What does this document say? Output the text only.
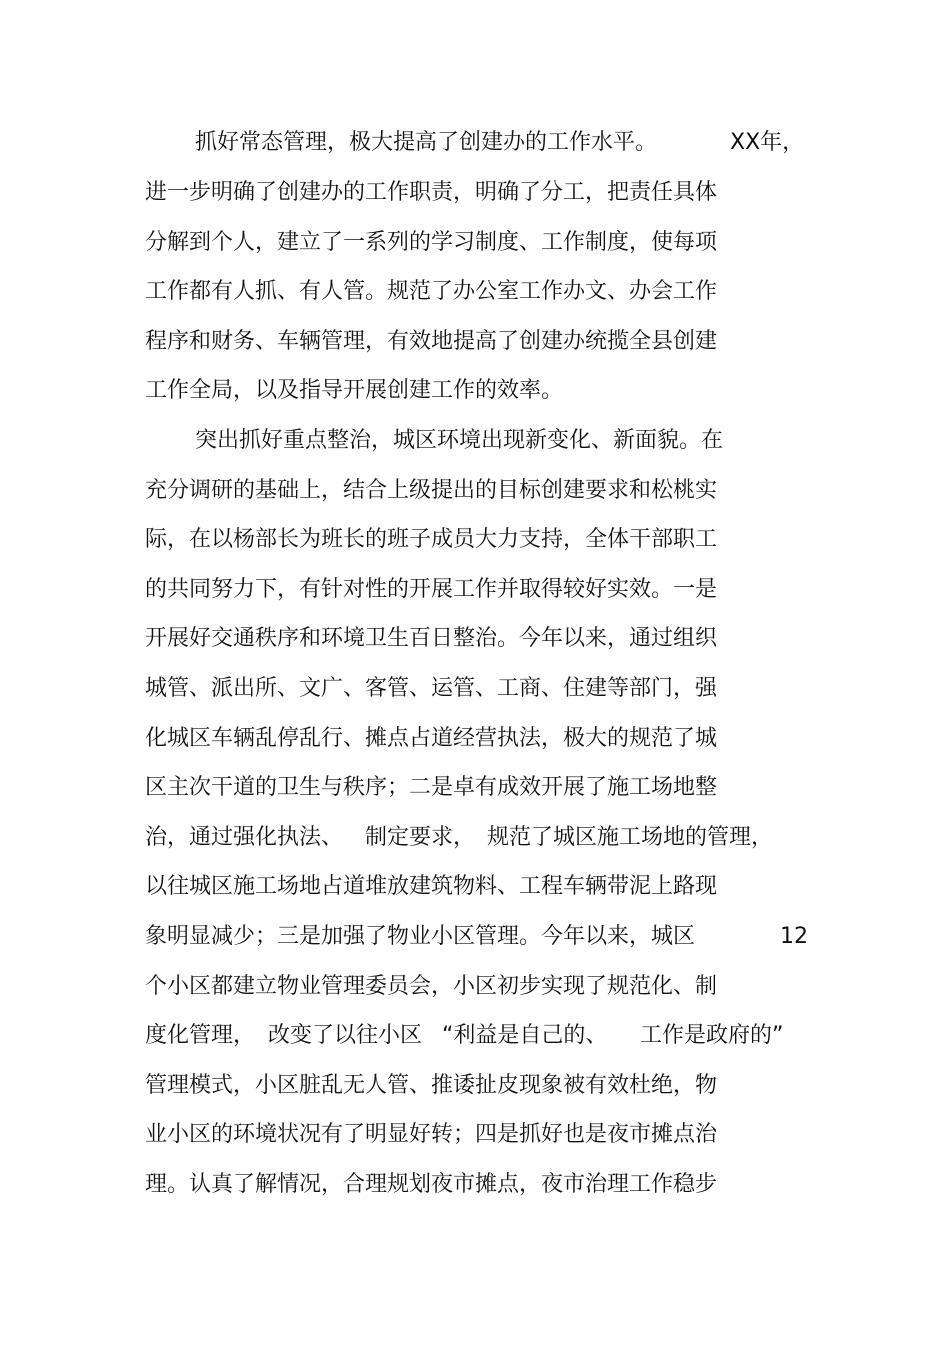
抓好常态管理，极大提高了创建办的工作水平。

	XX年，

进一步明确了创建办的工作职责，明确了分工，把责任具体

分解到个人，建立了一系列的学习制度、工作制度，使每项

工作都有人抓、有人管。规范了办公室工作办文、办会工作

程序和财务、车辆管理，有效地提高了创建办统揽全县创建

工作全局，以及指导开展创建工作的效率。

突出抓好重点整治，城区环境出现新变化、新面貌。在

充分调研的基础上，结合上级提出的目标创建要求和松桃实

际，在以杨部长为班长的班子成员大力支持，全体干部职工

的共同努力下，有针对性的开展工作并取得较好实效。一是

开展好交通秩序和环境卫生百日整治。今年以来，通过组织

城管、派出所、文广、客管、运管、工商、住建等部门，强

化城区车辆乱停乱行、摊点占道经营执法，极大的规范了城

区主次干道的卫生与秩序；二是卓有成效开展了施工场地整

治，通过强化执法、

制定要求，

规范了城区施工场地的管理，

以往城区施工场地占道堆放建筑物料、工程车辆带泥上路现

象明显减少；三是加强了物业小区管理。今年以来，城区

	12

个小区都建立物业管理委员会，小区初步实现了规范化、制

度化管理，

改变了以往小区

“利益是自己的、

工作是政府的”

管理模式，小区脏乱无人管、推诿扯皮现象被有效杜绝，物

业小区的环境状况有了明显好转；四是抓好也是夜市摊点治

理。认真了解情况，合理规划夜市摊点，夜市治理工作稳步
